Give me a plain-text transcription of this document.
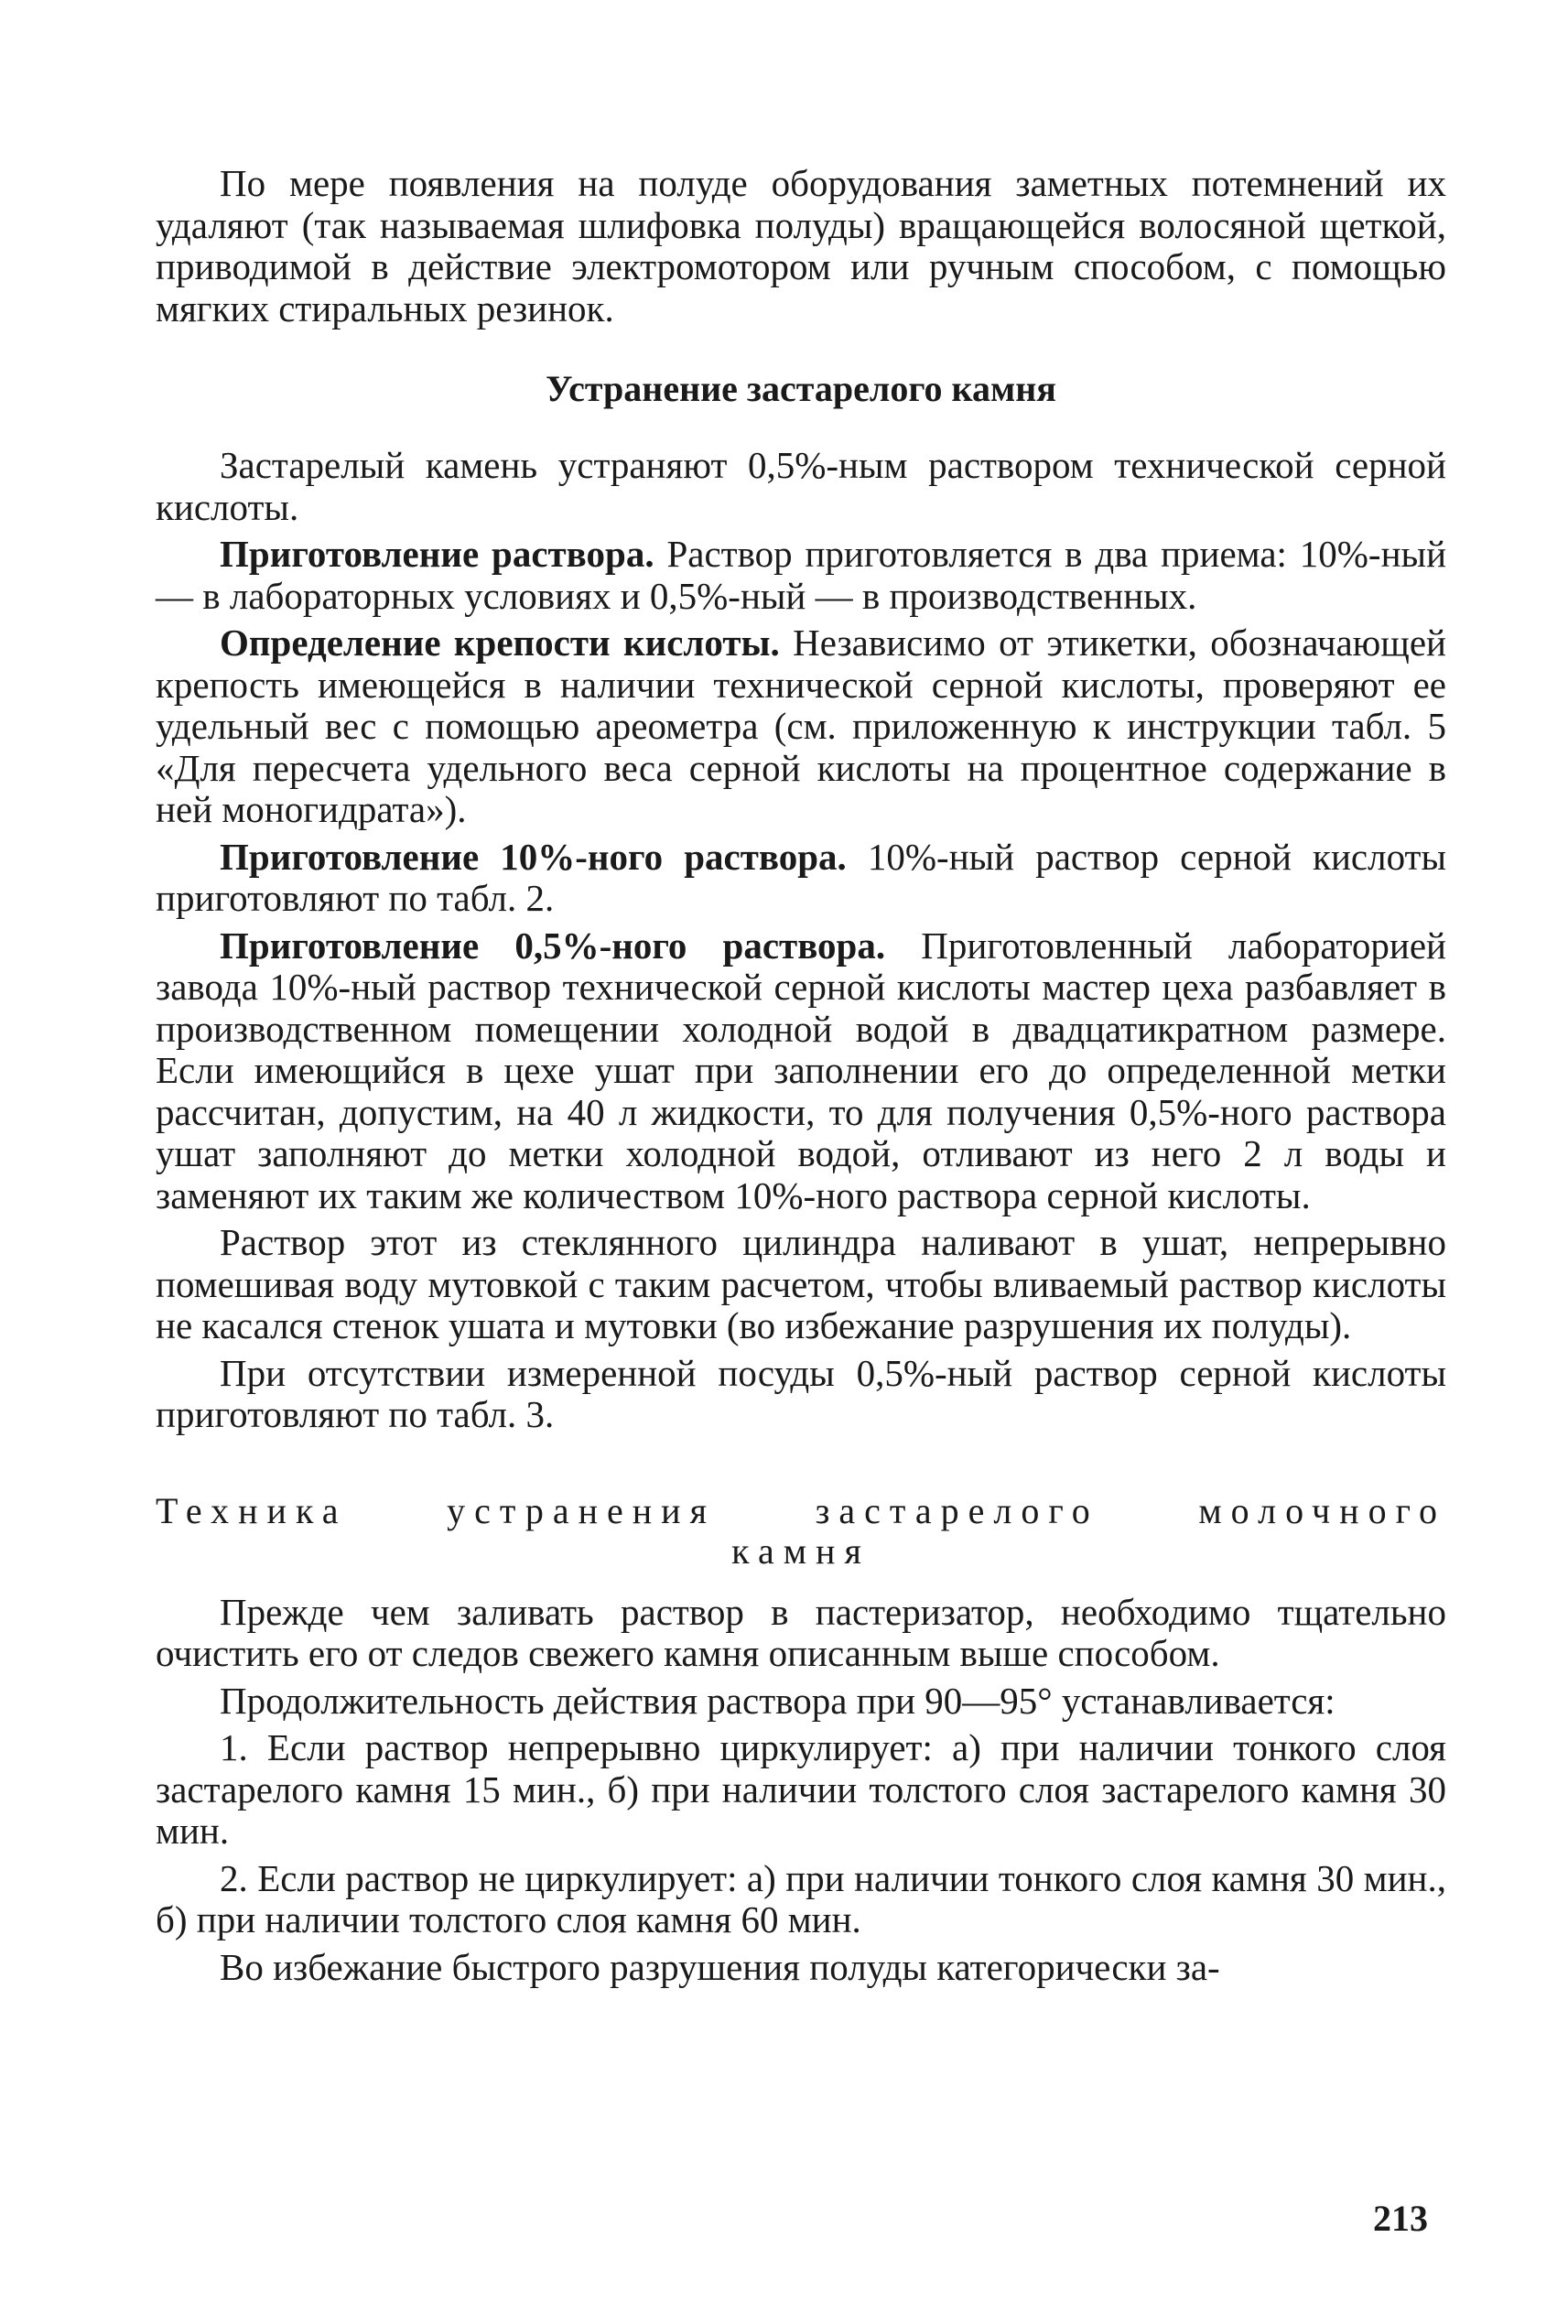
По мере появления на полуде оборудования заметных потемнений их удаляют (так называемая шлифовка полуды) вращающейся волосяной щеткой, приводимой в действие электромотором или ручным способом, с помощью мягких стиральных резинок.

Устранение застарелого камня

Застарелый камень устраняют 0,5%-ным раствором технической серной кислоты.

Приготовление раствора. Раствор приготовляется в два приема: 10%-ный — в лабораторных условиях и 0,5%-ный — в производственных.

Определение крепости кислоты. Независимо от этикетки, обозначающей крепость имеющейся в наличии технической серной кислоты, проверяют ее удельный вес с помощью ареометра (см. приложенную к инструкции табл. 5 «Для пересчета удельного веса серной кислоты на процентное содержание в ней моногидрата»).

Приготовление 10%-ного раствора. 10%-ный раствор серной кислоты приготовляют по табл. 2.

Приготовление 0,5%-ного раствора. Приготовленный лабораторией завода 10%-ный раствор технической серной кислоты мастер цеха разбавляет в производственном помещении холодной водой в двадцатикратном размере. Если имеющийся в цехе ушат при заполнении его до определенной метки рассчитан, допустим, на 40 л жидкости, то для получения 0,5%-ного раствора ушат заполняют до метки холодной водой, отливают из него 2 л воды и заменяют их таким же количеством 10%-ного раствора серной кислоты.

Раствор этот из стеклянного цилиндра наливают в ушат, непрерывно помешивая воду мутовкой с таким расчетом, чтобы вливаемый раствор кислоты не касался стенок ушата и мутовки (во избежание разрушения их полуды).

При отсутствии измеренной посуды 0,5%-ный раствор серной кислоты приготовляют по табл. 3.

Техника устранения застарелого молочного
камня

Прежде чем заливать раствор в пастеризатор, необходимо тщательно очистить его от следов свежего камня описанным выше способом.

Продолжительность действия раствора при 90—95° устанавливается:

1. Если раствор непрерывно циркулирует: а) при наличии тонкого слоя застарелого камня 15 мин., б) при наличии толстого слоя застарелого камня 30 мин.

2. Если раствор не циркулирует: а) при наличии тонкого слоя камня 30 мин., б) при наличии толстого слоя камня 60 мин.

Во избежание быстрого разрушения полуды категорически за-

213
